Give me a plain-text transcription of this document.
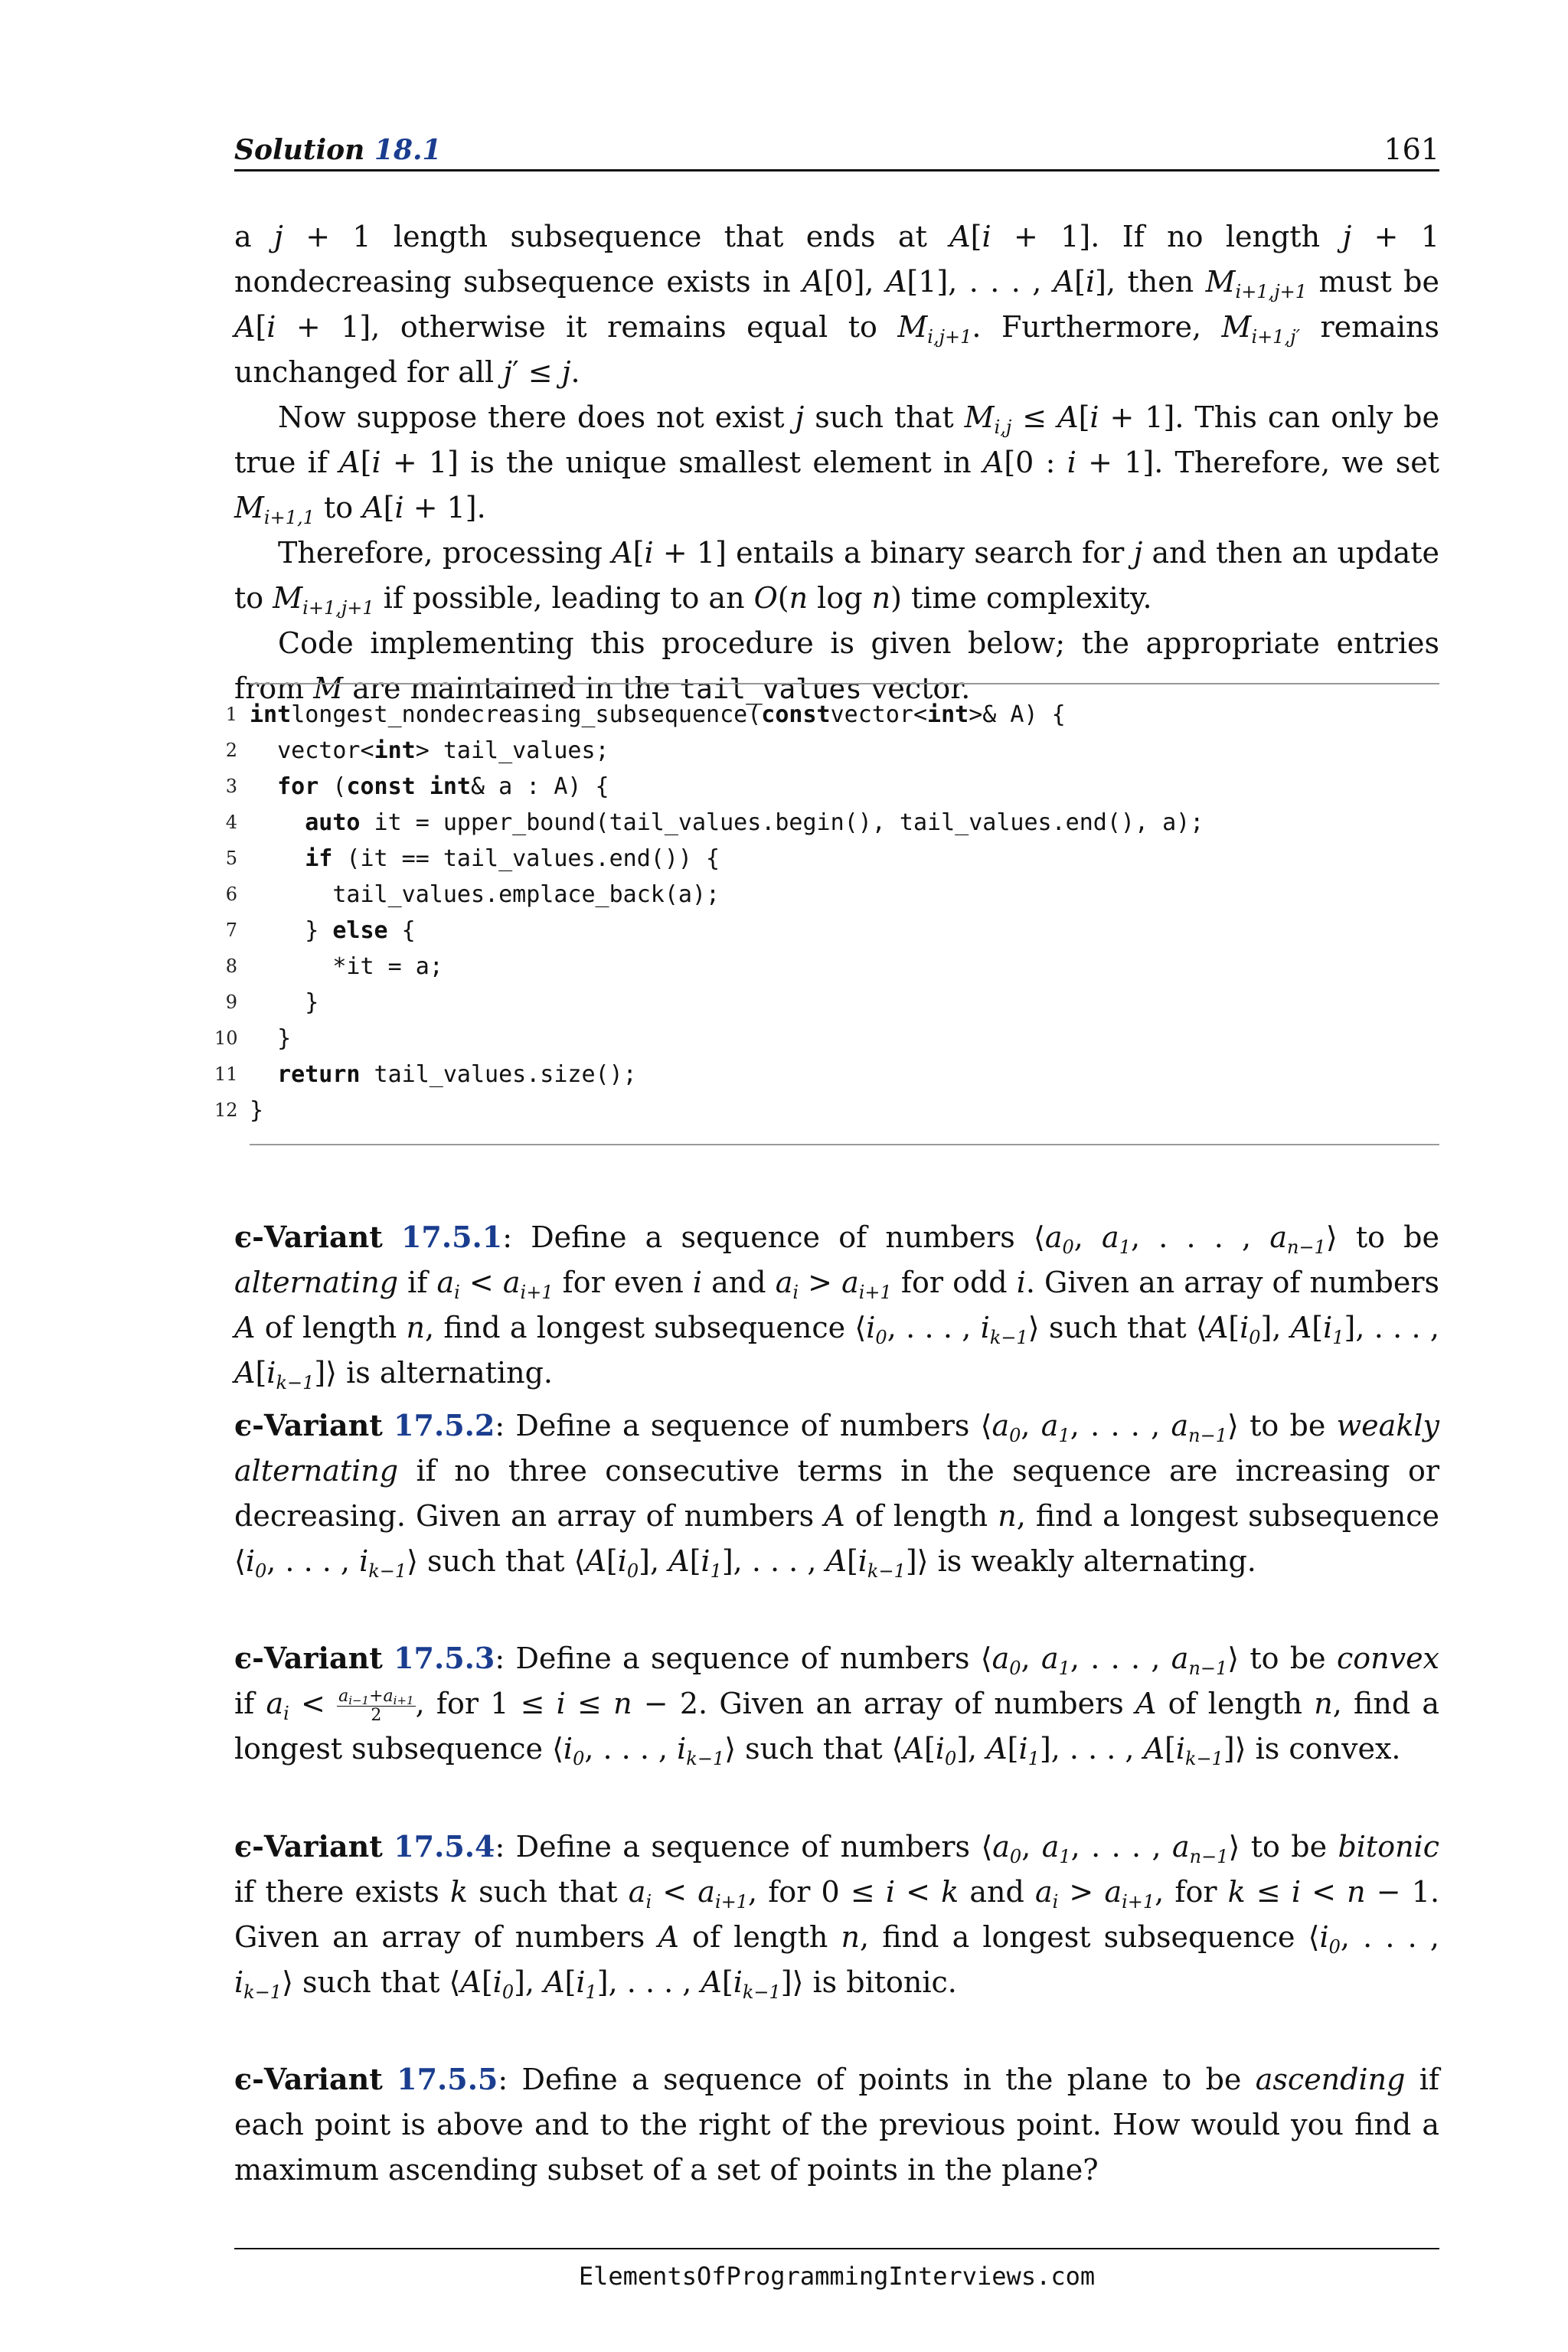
Solution 18.1	161

a j + 1 length subsequence that ends at A[i + 1]. If no length j + 1 nondecreasing subsequence exists in A[0], A[1], . . . , A[i], then $M_{i+1,j+1}$ must be A[i + 1], otherwise it remains equal to $M_{i,j+1}$. Furthermore, $M_{i+1,j'}$ remains unchanged for all j′ ≤ j.

Now suppose there does not exist j such that $M_{i,j} \le A[i + 1]$. This can only be true if A[i + 1] is the unique smallest element in A[0 : i + 1]. Therefore, we set $M_{i+1,1}$ to A[i + 1].

Therefore, processing A[i + 1] entails a binary search for j and then an update to $M_{i+1,j+1}$ if possible, leading to an O(n log n) time complexity.

Code implementing this procedure is given below; the appropriate entries from M are maintained in the tail_values vector.

1 intlongest_nondecreasing_subsequence(constvector<int>& A) {
2 vector<int> tail_values;
3	for (const int& a : A) {
4	auto it = upper_bound(tail_values.begin(), tail_values.end(), a);
5	if (it == tail_values.end()) {
6 tail_values.emplace_back(a);
7 } else {
8 *it = a;
9 }
10 }
11	return tail_values.size();
12 }
ϵ-Variant 17.5.1: Define a sequence of numbers $⟨a_0$, $a_1$, . . . , $a_{n-1}⟩$ to be alternating if $a_i < a_{i+1}$ for even i and $a_i > a_{i+1}$ for odd i. Given an array of numbers A of length n, find a longest subsequence $⟨i_0$, . . . , $i_{k-1}⟩$ such that $⟨A[i_0]$, $A[i_1]$, . . . , $A[i_{k-1}]⟩$ is alternating.
ϵ-Variant 17.5.2: Define a sequence of numbers $⟨a_0$, $a_1$, . . . , $a_{n-1}⟩$ to be weakly alternating if no three consecutive terms in the sequence are increasing or decreasing. Given an array of numbers A of length n, find a longest subsequence $⟨i_0$, . . . , $i_{k-1}⟩$ such that $⟨A[i_0]$, $A[i_1]$, . . . , $A[i_{k-1}]⟩$ is weakly alternating.
ϵ-Variant 17.5.3: Define a sequence of numbers $⟨a_0$, $a_1$, . . . , $a_{n-1}⟩$ to be convex if $a_i < \frac{a_{i-1}+a_{i+1}}{2}$ , for 1 ≤ i ≤ n − 2. Given an array of numbers A of length n, find a longest subsequence $⟨i_0$, . . . , $i_{k-1}⟩$ such that $⟨A[i_0]$, $A[i_1]$, . . . , $A[i_{k-1}]⟩$ is convex.
ϵ-Variant 17.5.4: Define a sequence of numbers $⟨a_0$, $a_1$, . . . , $a_{n-1}⟩$ to be bitonic if there exists k such that $a_i < a_{i+1}$, for 0 ≤ i < k and $a_i > a_{i+1}$, for k ≤ i < n − 1. Given an array of numbers A of length n, find a longest subsequence $⟨i_0$, . . . , $i_{k-1}⟩$ such that $⟨A[i_0]$, $A[i_1]$, . . . , $A[i_{k-1}]⟩$ is bitonic.
ϵ-Variant 17.5.5: Define a sequence of points in the plane to be ascending if each point is above and to the right of the previous point. How would you find a maximum ascending subset of a set of points in the plane?
ElementsOfProgrammingInterviews.com
